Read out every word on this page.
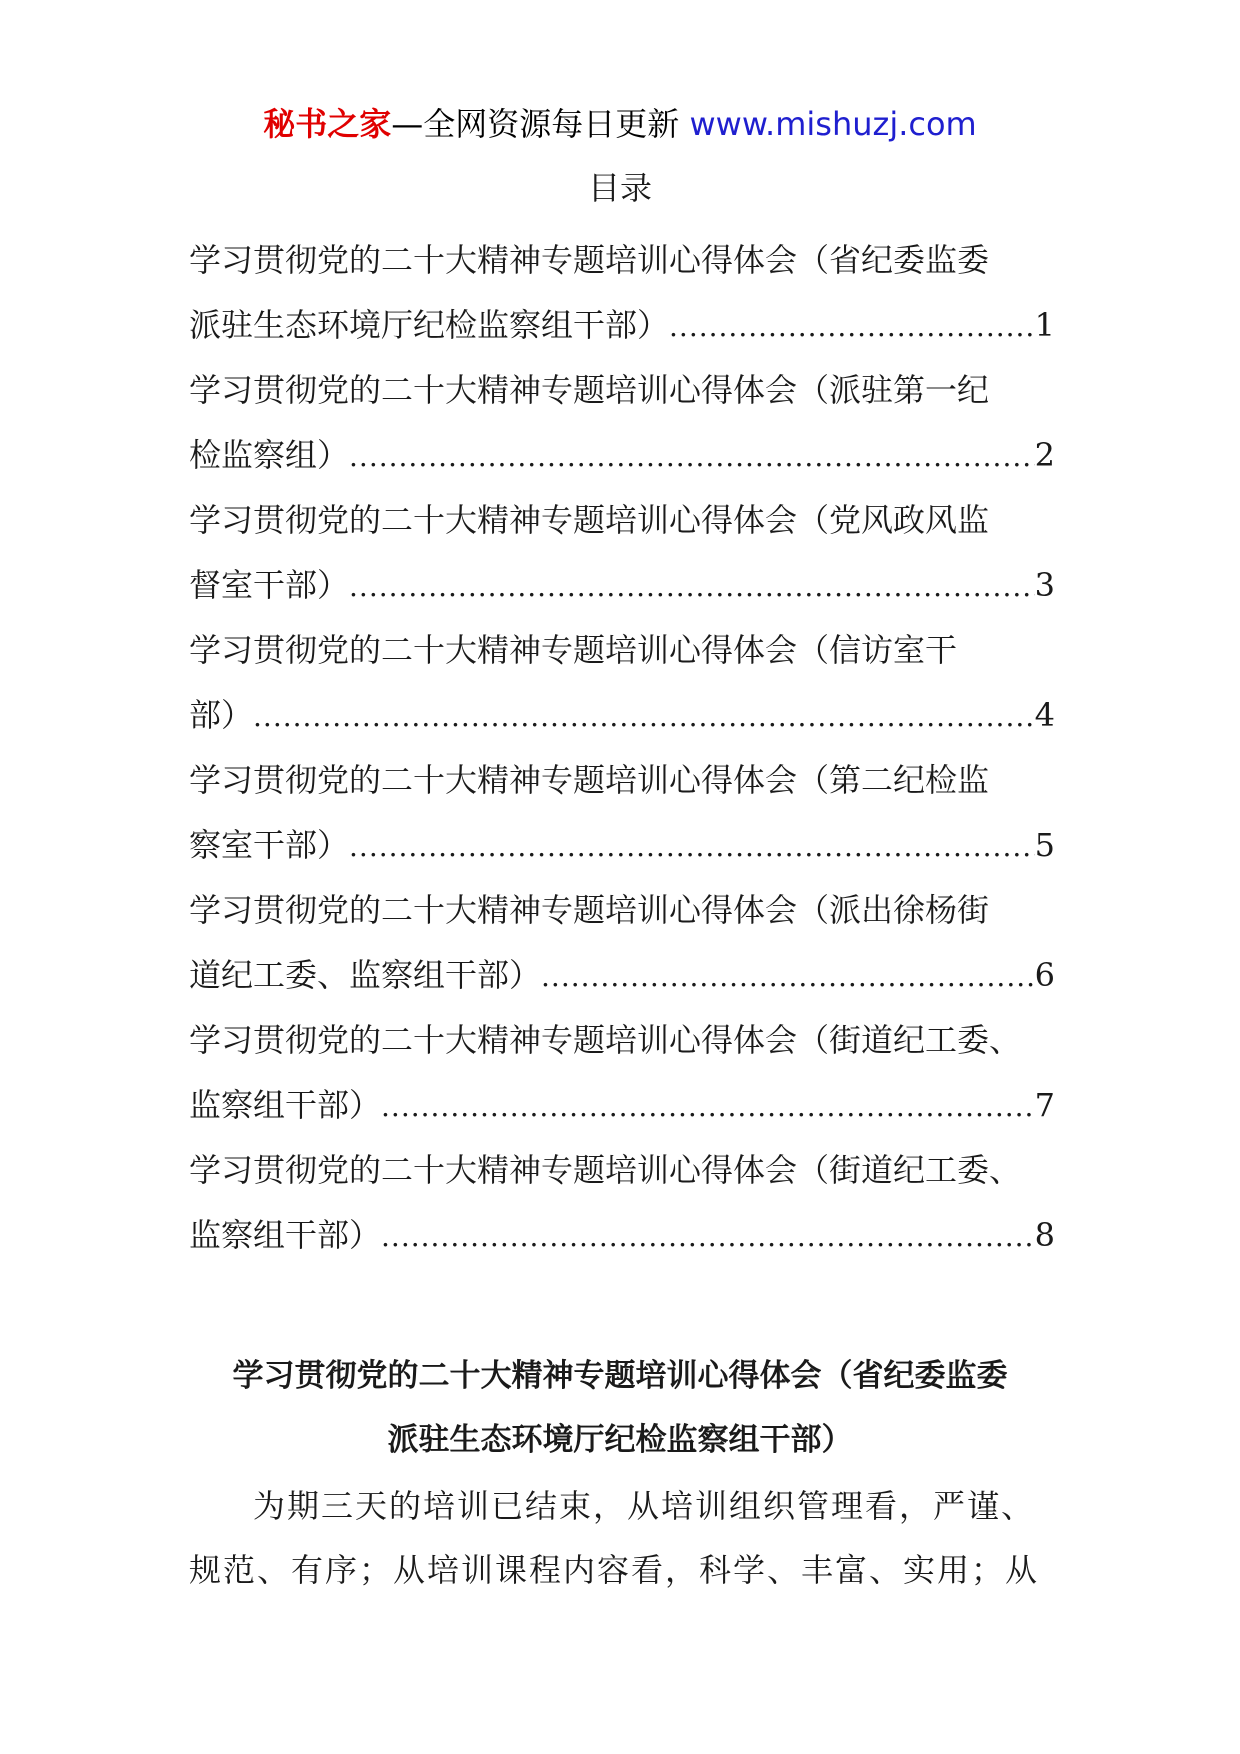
秘书之家—全网资源每日更新 www.mishuzj.com
目录
学习贯彻党的二十大精神专题培训心得体会（省纪委监委
派驻生态环境厅纪检监察组干部） .....	1
学习贯彻党的二十大精神专题培训心得体会（派驻第一纪
检监察组） .....	2
学习贯彻党的二十大精神专题培训心得体会（党风政风监
督室干部） .....	3
学习贯彻党的二十大精神专题培训心得体会（信访室干
部） .....	4
学习贯彻党的二十大精神专题培训心得体会（第二纪检监
察室干部） .....	5
学习贯彻党的二十大精神专题培训心得体会（派出徐杨街
道纪工委、监察组干部） .....	6
学习贯彻党的二十大精神专题培训心得体会（街道纪工委、
监察组干部） .....	7
学习贯彻党的二十大精神专题培训心得体会（街道纪工委、
监察组干部） .....	8
学习贯彻党的二十大精神专题培训心得体会（省纪委监委
派驻生态环境厅纪检监察组干部）
为期三天的培训已结束，从培训组织管理看，严谨、
规范、有序；从培训课程内容看，科学、丰富、实用；从
